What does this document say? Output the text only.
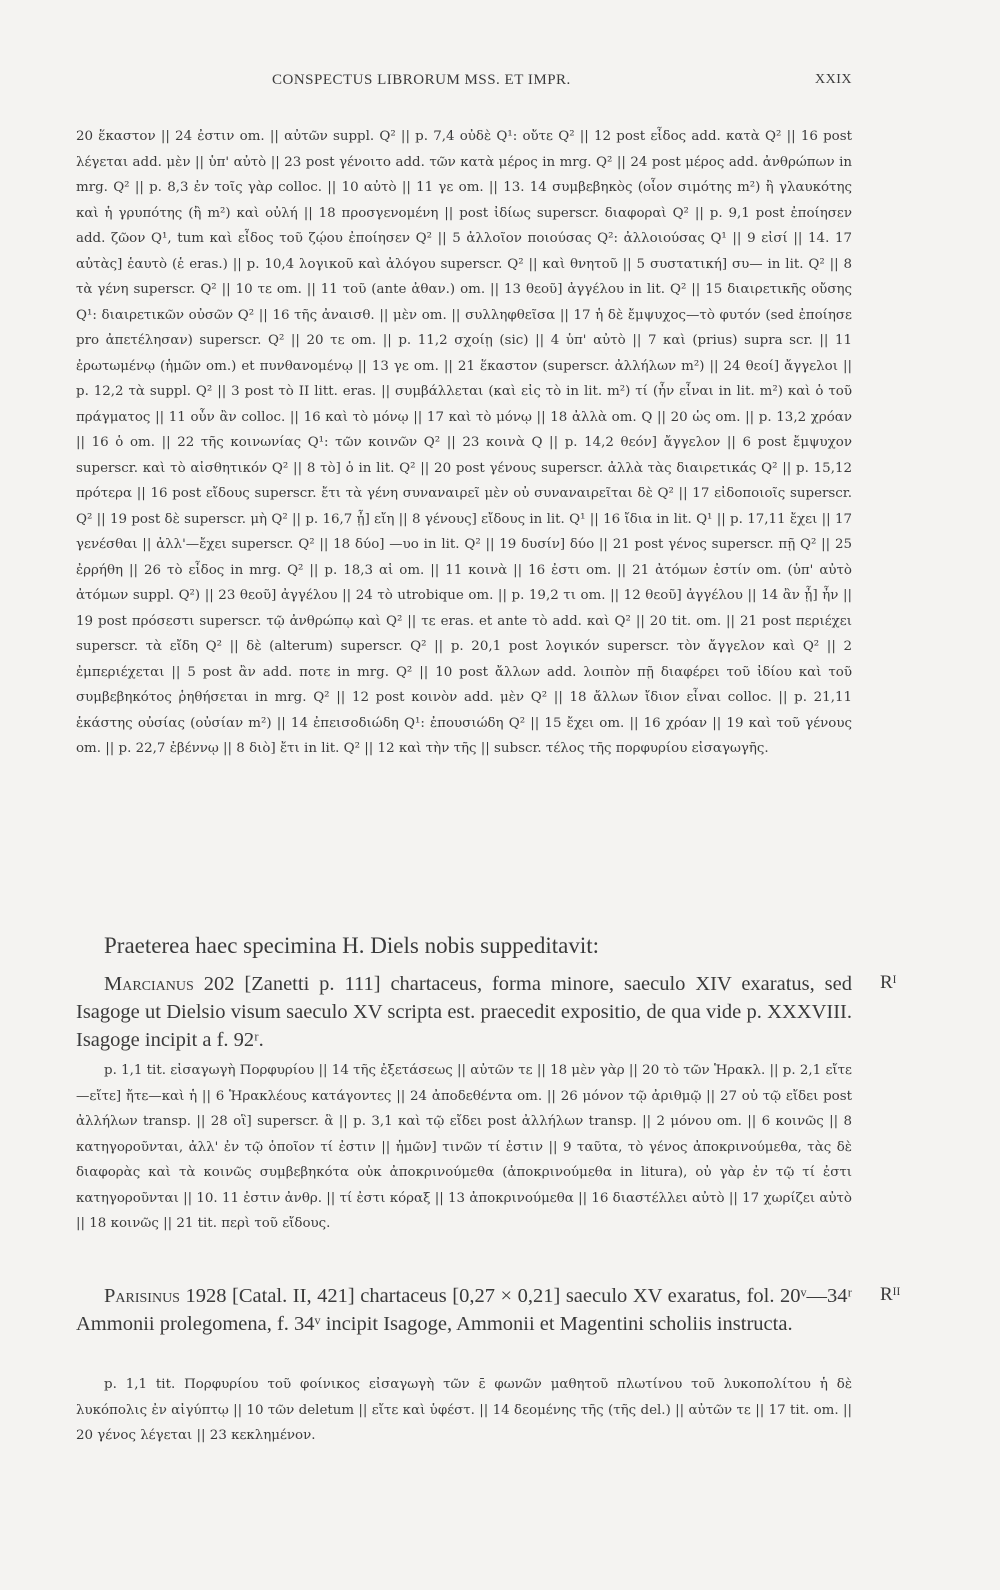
CONSPECTUS LIBRORUM MSS. ET IMPR.	XXIX

20 ἕκαστον || 24 ἐστιν om. || αὐτῶν suppl. Q² || p. 7,4 οὐδὲ Q¹: οὔτε Q² || 12 post εἶδος add. κατὰ Q² || 16 post λέγεται add. μὲν || ὑπ' αὐτὸ || 23 post γένοιτο add. τῶν κατὰ μέρος in mrg. Q² || 24 post μέρος add. ἀνθρώπων in mrg. Q² || p. 8,3 ἐν τοῖς γὰρ colloc. || 10 αὐτὸ || 11 γε om. || 13. 14 συμβεβηκὸς (οἷον σιμότης m²) ἢ γλαυκότης καὶ ἡ γρυπότης (ἢ m²) καὶ οὐλή || 18 προσγενομένη || post ἰδίως superscr. διαφοραὶ Q² || p. 9,1 post ἐποίησεν add. ζῶον Q¹, tum καὶ εἶδος τοῦ ζῴου ἐποίησεν Q² || 5 ἀλλοῖον ποιούσας Q²: ἀλλοιούσας Q¹ || 9 εἰσί || 14. 17 αὐτὰς] ἑαυτὸ (ἑ eras.) || p. 10,4 λογικοῦ καὶ ἀλόγου superscr. Q² || καὶ θνητοῦ || 5 συστατική] συ— in lit. Q² || 8 τὰ γένη superscr. Q² || 10 τε om. || 11 τοῦ (ante ἀθαν.) om. || 13 θεοῦ] ἀγγέλου in lit. Q² || 15 διαιρετικῆς οὔσης Q¹: διαιρετικῶν οὐσῶν Q² || 16 τῆς ἀναισθ. || μὲν om. || συλληφθεῖσα || 17 ἡ δὲ ἔμψυχος—τὸ φυτόν (sed ἐποίησε pro ἀπετέλησαν) superscr. Q² || 20 τε om. || p. 11,2 σχοίῃ (sic) || 4 ὑπ' αὐτὸ || 7 καὶ (prius) supra scr. || 11 ἐρωτωμένῳ (ἡμῶν om.) et πυνθανομένῳ || 13 γε om. || 21 ἕκαστον (superscr. ἀλλήλων m²) || 24 θεοί] ἄγγελοι || p. 12,2 τὰ suppl. Q² || 3 post τὸ II litt. eras. || συμβάλλεται (καὶ εἰς τὸ in lit. m²) τί (ἦν εἶναι in lit. m²) καὶ ὁ τοῦ πράγματος || 11 οὖν ἂν colloc. || 16 καὶ τὸ μόνῳ || 17 καὶ τὸ μόνῳ || 18 ἀλλὰ om. Q || 20 ὡς om. || p. 13,2 χρόαν || 16 ὁ om. || 22 τῆς κοινωνίας Q¹: τῶν κοινῶν Q² || 23 κοινὰ Q || p. 14,2 θεόν] ἄγγελον || 6 post ἔμψυχον superscr. καὶ τὸ αἰσθητικόν Q² || 8 τὸ] ὁ in lit. Q² || 20 post γένους superscr. ἀλλὰ τὰς διαιρετικάς Q² || p. 15,12 πρότερα || 16 post εἴδους superscr. ἔτι τὰ γένη συναναιρεῖ μὲν οὐ συναναιρεῖται δὲ Q² || 17 εἰδοποιοῖς superscr. Q² || 19 post δὲ superscr. μὴ Q² || p. 16,7 ᾖ] εἴη || 8 γένους] εἴδους in lit. Q¹ || 16 ἴδια in lit. Q¹ || p. 17,11 ἔχει || 17 γενέσθαι || ἀλλ'—ἔχει superscr. Q² || 18 δύο] —υο in lit. Q² || 19 δυσίν] δύο || 21 post γένος superscr. πῇ Q² || 25 ἐρρήθη || 26 τὸ εἶδος in mrg. Q² || p. 18,3 αἱ om. || 11 κοινὰ || 16 ἐστι om. || 21 ἀτόμων ἐστίν om. (ὑπ' αὐτὸ ἀτόμων suppl. Q²) || 23 θεοῦ] ἀγγέλου || 24 τὸ utrobique om. || p. 19,2 τι om. || 12 θεοῦ] ἀγγέλου || 14 ἂν ᾖ] ἦν || 19 post πρόσεστι superscr. τῷ ἀνθρώπῳ καὶ Q² || τε eras. et ante τὸ add. καὶ Q² || 20 tit. om. || 21 post περιέχει superscr. τὰ εἴδη Q² || δὲ (alterum) superscr. Q² || p. 20,1 post λογικόν superscr. τὸν ἄγγελον καὶ Q² || 2 ἐμπεριέχεται || 5 post ἂν add. ποτε in mrg. Q² || 10 post ἄλλων add. λοιπὸν πῇ διαφέρει τοῦ ἰδίου καὶ τοῦ συμβεβηκότος ῥηθήσεται in mrg. Q² || 12 post κοινὸν add. μὲν Q² || 18 ἄλλων ἴδιον εἶναι colloc. || p. 21,11 ἑκάστης οὐσίας (οὐσίαν m²) || 14 ἐπεισοδιώδη Q¹: ἐπουσιώδη Q² || 15 ἔχει om. || 16 χρόαν || 19 καὶ τοῦ γένους om. || p. 22,7 ἐβέννῳ || 8 διὸ] ἔτι in lit. Q² || 12 καὶ τὴν τῆς || subscr. τέλος τῆς πορφυρίου εἰσαγωγῆς.

Praeterea haec specimina H. Diels nobis suppeditavit:

Marcianus 202 [Zanetti p. 111] chartaceus, forma minore, saeculo XIV exaratus, sed Isagoge ut Dielsio visum saeculo XV scripta est. praecedit expositio, de qua vide p. XXXVIII. Isagoge incipit a f. 92ʳ.

Rᴵ

p. 1,1 tit. εἰσαγωγὴ Πορφυρίου || 14 τῆς ἐξετάσεως || αὐτῶν τε || 18 μὲν γὰρ || 20 τὸ τῶν Ἡρακλ. || p. 2,1 εἴτε—εἴτε] ἤτε—καὶ ἡ || 6 Ἡρακλέους κατάγοντες || 24 ἀποδεθέντα om. || 26 μόνον τῷ ἀριθμῷ || 27 οὐ τῷ εἴδει post ἀλλήλων transp. || 28 οἳ] superscr. ἃ || p. 3,1 καὶ τῷ εἴδει post ἀλλήλων transp. || 2 μόνου om. || 6 κοινῶς || 8 κατηγοροῦνται, ἀλλ' ἐν τῷ ὁποῖον τί ἐστιν || ἡμῶν] τινῶν τί ἐστιν || 9 ταῦτα, τὸ γένος ἀποκρινούμεθα, τὰς δὲ διαφορὰς καὶ τὰ κοινῶς συμβεβηκότα οὐκ ἀποκρινούμεθα (ἀποκρινούμεθα in litura), οὐ γὰρ ἐν τῷ τί ἐστι κατηγοροῦνται || 10. 11 ἐστιν ἀνθρ. || τί ἐστι κόραξ || 13 ἀποκρινούμεθα || 16 διαστέλλει αὐτὸ || 17 χωρίζει αὐτὸ || 18 κοινῶς || 21 tit. περὶ τοῦ εἴδους.

Parisinus 1928 [Catal. II, 421] chartaceus [0,27 × 0,21] saeculo XV exaratus, fol. 20ᵛ—34ʳ Ammonii prolegomena, f. 34ᵛ incipit Isagoge, Ammonii et Magentini scholiis instructa.

Rᴵᴵ

p. 1,1 tit. Πορφυρίου τοῦ φοίνικος εἰσαγωγὴ τῶν ε̄ φωνῶν μαθητοῦ πλωτίνου τοῦ λυκοπολίτου ἡ δὲ λυκόπολις ἐν αἰγύπτῳ || 10 τῶν deletum || εἴτε καὶ ὑφέστ. || 14 δεομένης τῆς (τῆς del.) || αὐτῶν τε || 17 tit. om. || 20 γένος λέγεται || 23 κεκλημένον.
